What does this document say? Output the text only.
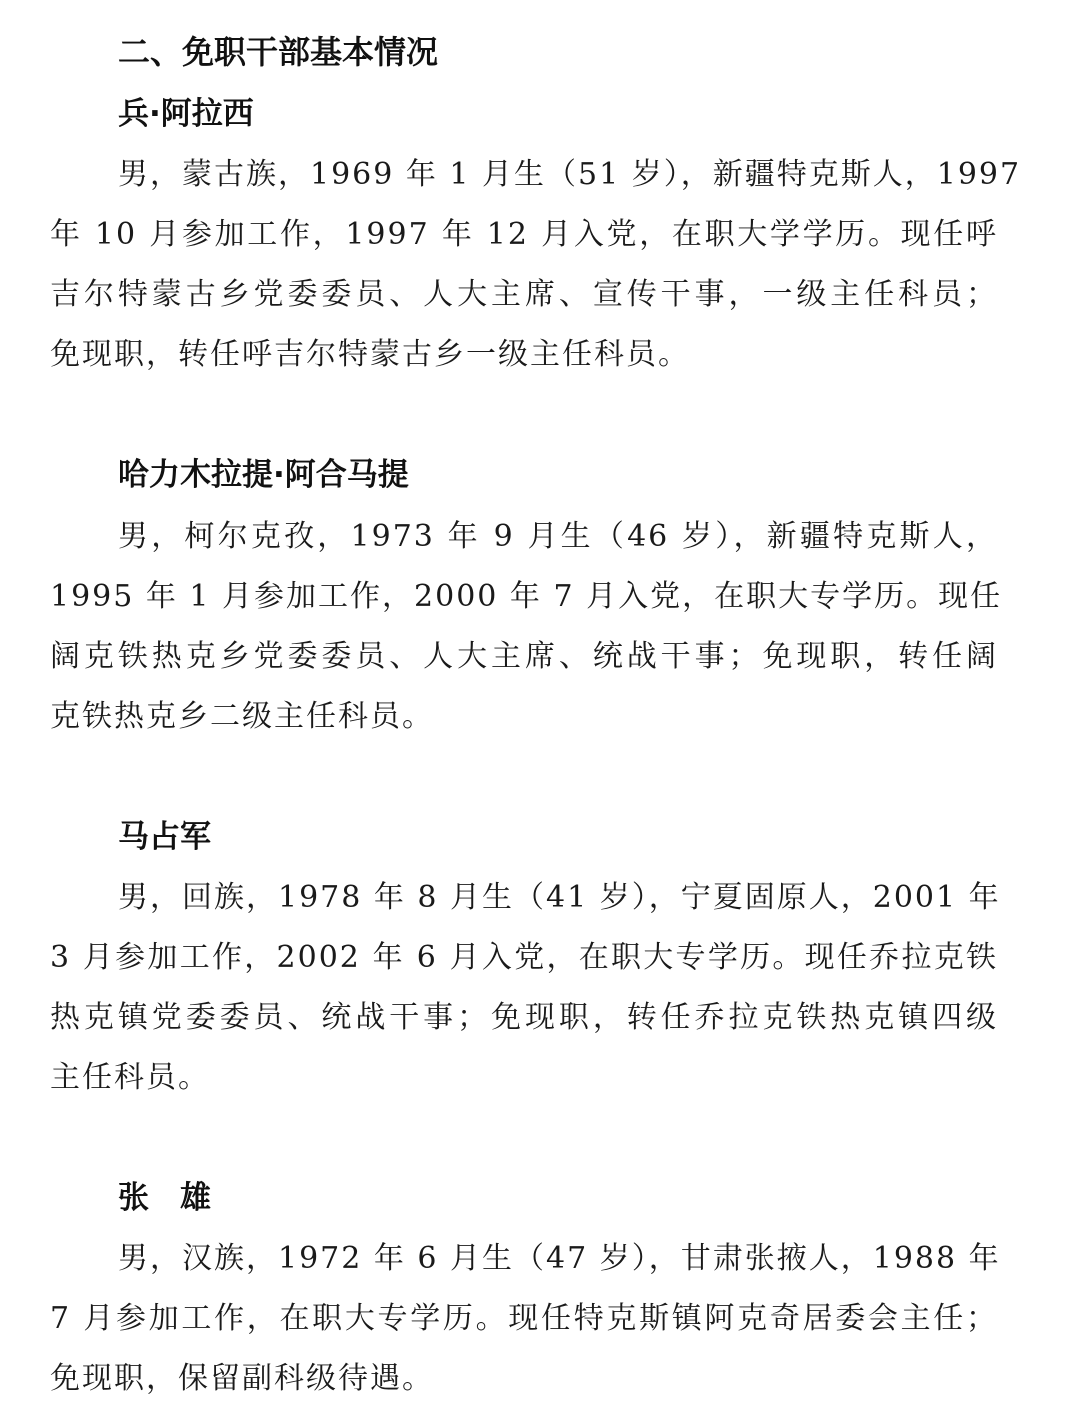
二、免职干部基本情况
兵·阿拉西
男，蒙古族，1969 年 1 月生（51 岁），新疆特克斯人，1997
年 10 月参加工作，1997 年 12 月入党，在职大学学历。现任呼
吉尔特蒙古乡党委委员、人大主席、宣传干事，一级主任科员；
免现职，转任呼吉尔特蒙古乡一级主任科员。
哈力木拉提·阿合马提
男，柯尔克孜，1973 年 9 月生（46 岁），新疆特克斯人，
1995 年 1 月参加工作，2000 年 7 月入党，在职大专学历。现任
阔克铁热克乡党委委员、人大主席、统战干事；免现职，转任阔
克铁热克乡二级主任科员。
马占军
男，回族，1978 年 8 月生（41 岁），宁夏固原人，2001 年
3 月参加工作，2002 年 6 月入党，在职大专学历。现任乔拉克铁
热克镇党委委员、统战干事；免现职，转任乔拉克铁热克镇四级
主任科员。
张　雄
男，汉族，1972 年 6 月生（47 岁），甘肃张掖人，1988 年
7 月参加工作，在职大专学历。现任特克斯镇阿克奇居委会主任；
免现职，保留副科级待遇。
